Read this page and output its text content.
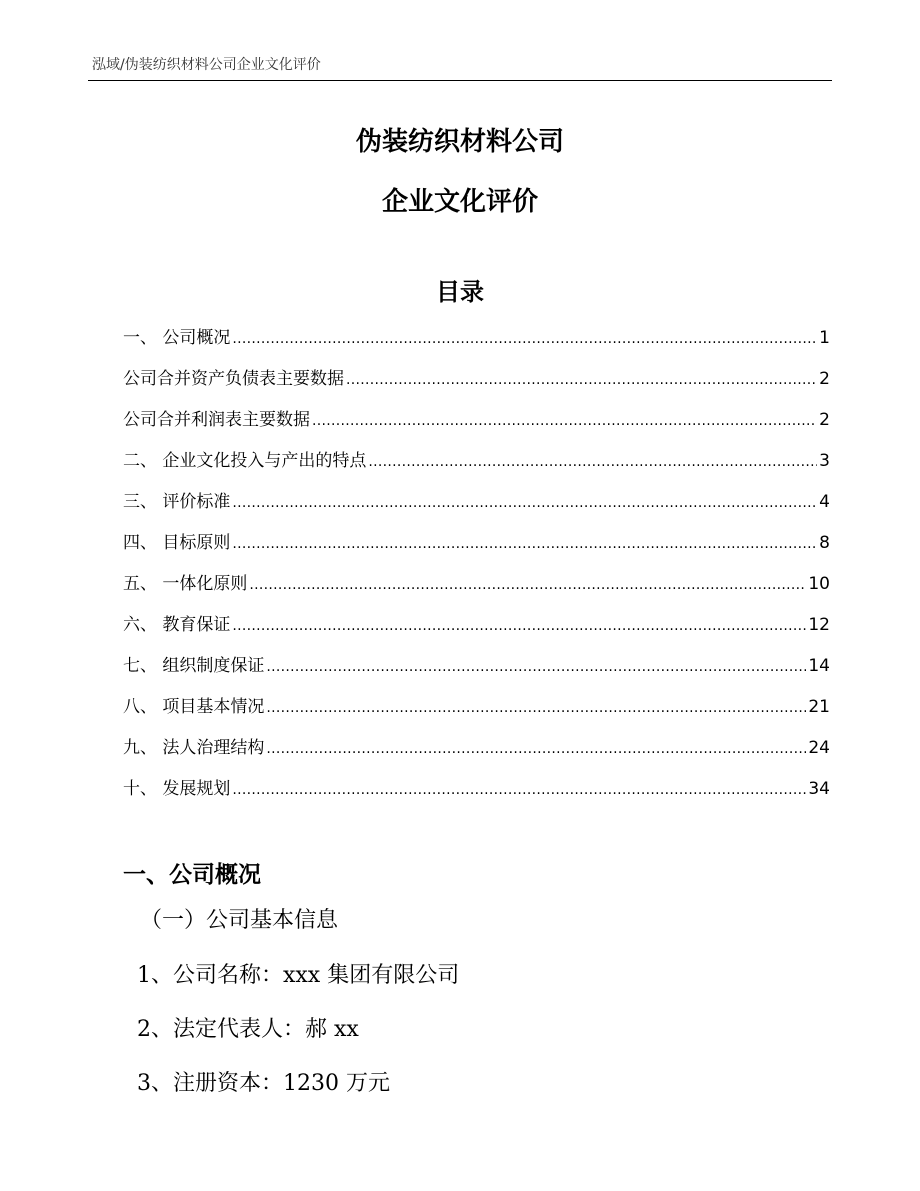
泓域/伪装纺织材料公司企业文化评价
伪装纺织材料公司
企业文化评价
目录
一、 公司概况 .....	1
公司合并资产负债表主要数据 .....	2
公司合并利润表主要数据 .....	2
二、 企业文化投入与产出的特点 .....	3
三、 评价标准 .....	4
四、 目标原则 .....	8
五、 一体化原则 .....	10
六、 教育保证 .....	12
七、 组织制度保证 .....	14
八、 项目基本情况 .....	21
九、 法人治理结构 .....	24
十、 发展规划 .....	34
一、公司概况
（一）公司基本信息
1、公司名称：xxx 集团有限公司
2、法定代表人：郝 xx
3、注册资本：1230 万元
